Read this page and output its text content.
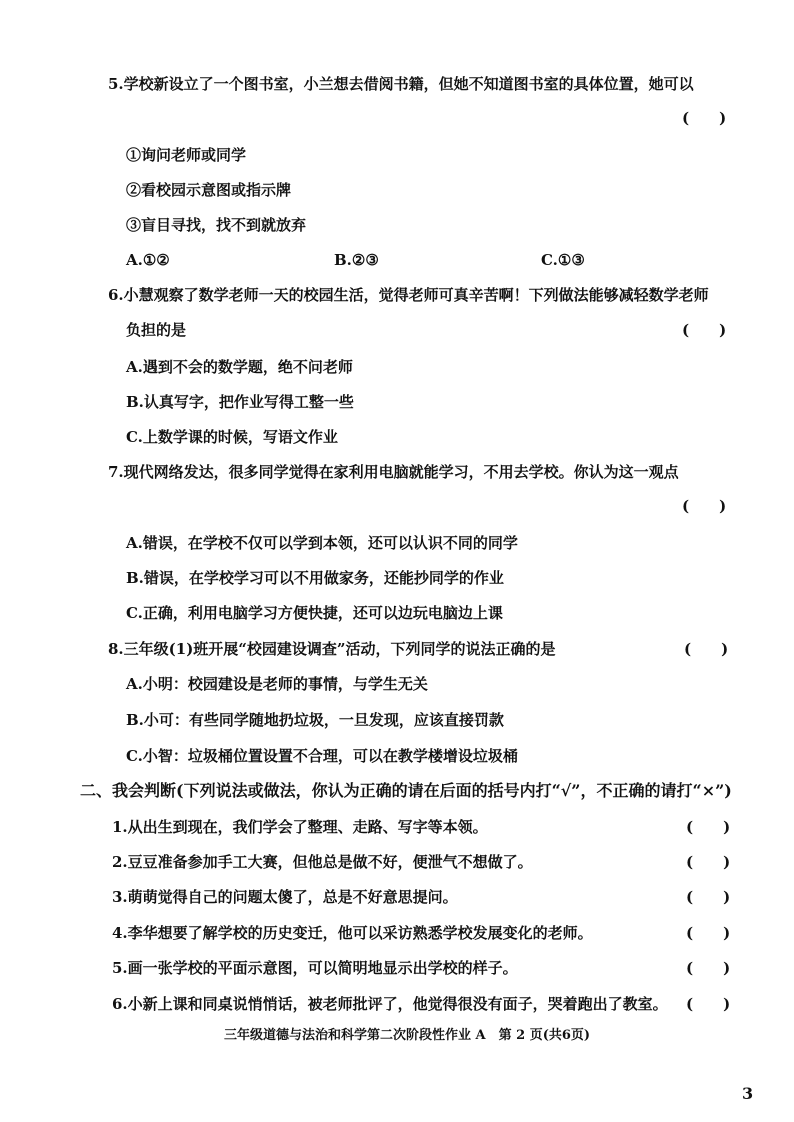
5.学校新设立了一个图书室，小兰想去借阅书籍，但她不知道图书室的具体位置，她可以
(　　)
①询问老师或同学
②看校园示意图或指示牌
③盲目寻找，找不到就放弃
A.①②	B.②③	C.①③
6.小慧观察了数学老师一天的校园生活，觉得老师可真辛苦啊！下列做法能够减轻数学老师
负担的是	(　　)
A.遇到不会的数学题，绝不问老师
B.认真写字，把作业写得工整一些
C.上数学课的时候，写语文作业
7.现代网络发达，很多同学觉得在家利用电脑就能学习，不用去学校。你认为这一观点
(　　)
A.错误，在学校不仅可以学到本领，还可以认识不同的同学
B.错误，在学校学习可以不用做家务，还能抄同学的作业
C.正确，利用电脑学习方便快捷，还可以边玩电脑边上课
8.三年级(1)班开展“校园建设调查”活动，下列同学的说法正确的是	(　　)
A.小明：校园建设是老师的事情，与学生无关
B.小可：有些同学随地扔垃圾，一旦发现，应该直接罚款
C.小智：垃圾桶位置设置不合理，可以在教学楼增设垃圾桶
二、我会判断(下列说法或做法，你认为正确的请在后面的括号内打“√”，不正确的请打“×”)
1.从出生到现在，我们学会了整理、走路、写字等本领。	(　　)
2.豆豆准备参加手工大赛，但他总是做不好，便泄气不想做了。	(　　)
3.萌萌觉得自己的问题太傻了，总是不好意思提问。	(　　)
4.李华想要了解学校的历史变迁，他可以采访熟悉学校发展变化的老师。	(　　)
5.画一张学校的平面示意图，可以简明地显示出学校的样子。	(　　)
6.小新上课和同桌说悄悄话，被老师批评了，他觉得很没有面子，哭着跑出了教室。 (　　)
三年级道德与法治和科学第二次阶段性作业 A　第 2 页(共6页)
3
